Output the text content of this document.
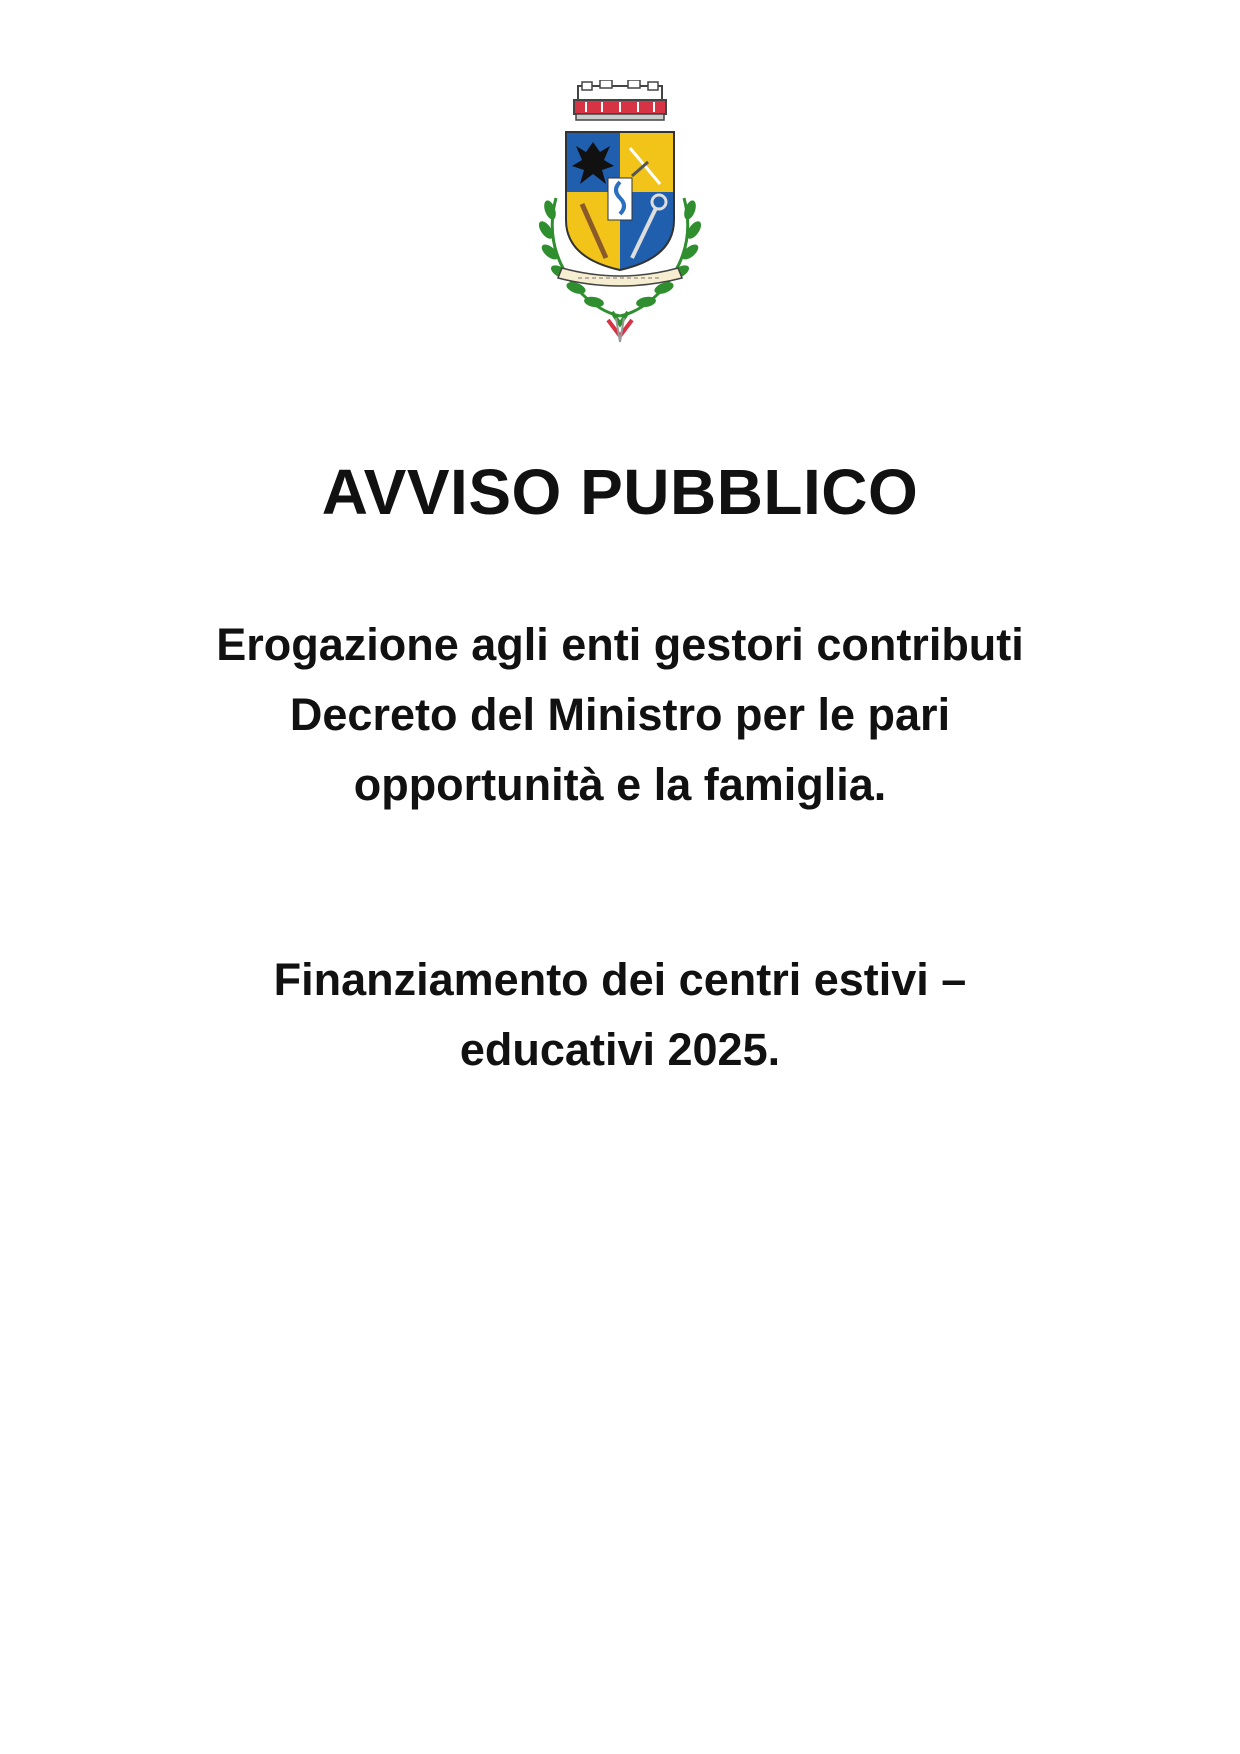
AVVISO PUBBLICO
Erogazione agli enti gestori contributi
Decreto del Ministro per le pari
opportunità e la famiglia.
Finanziamento dei centri estivi –
educativi 2025.
